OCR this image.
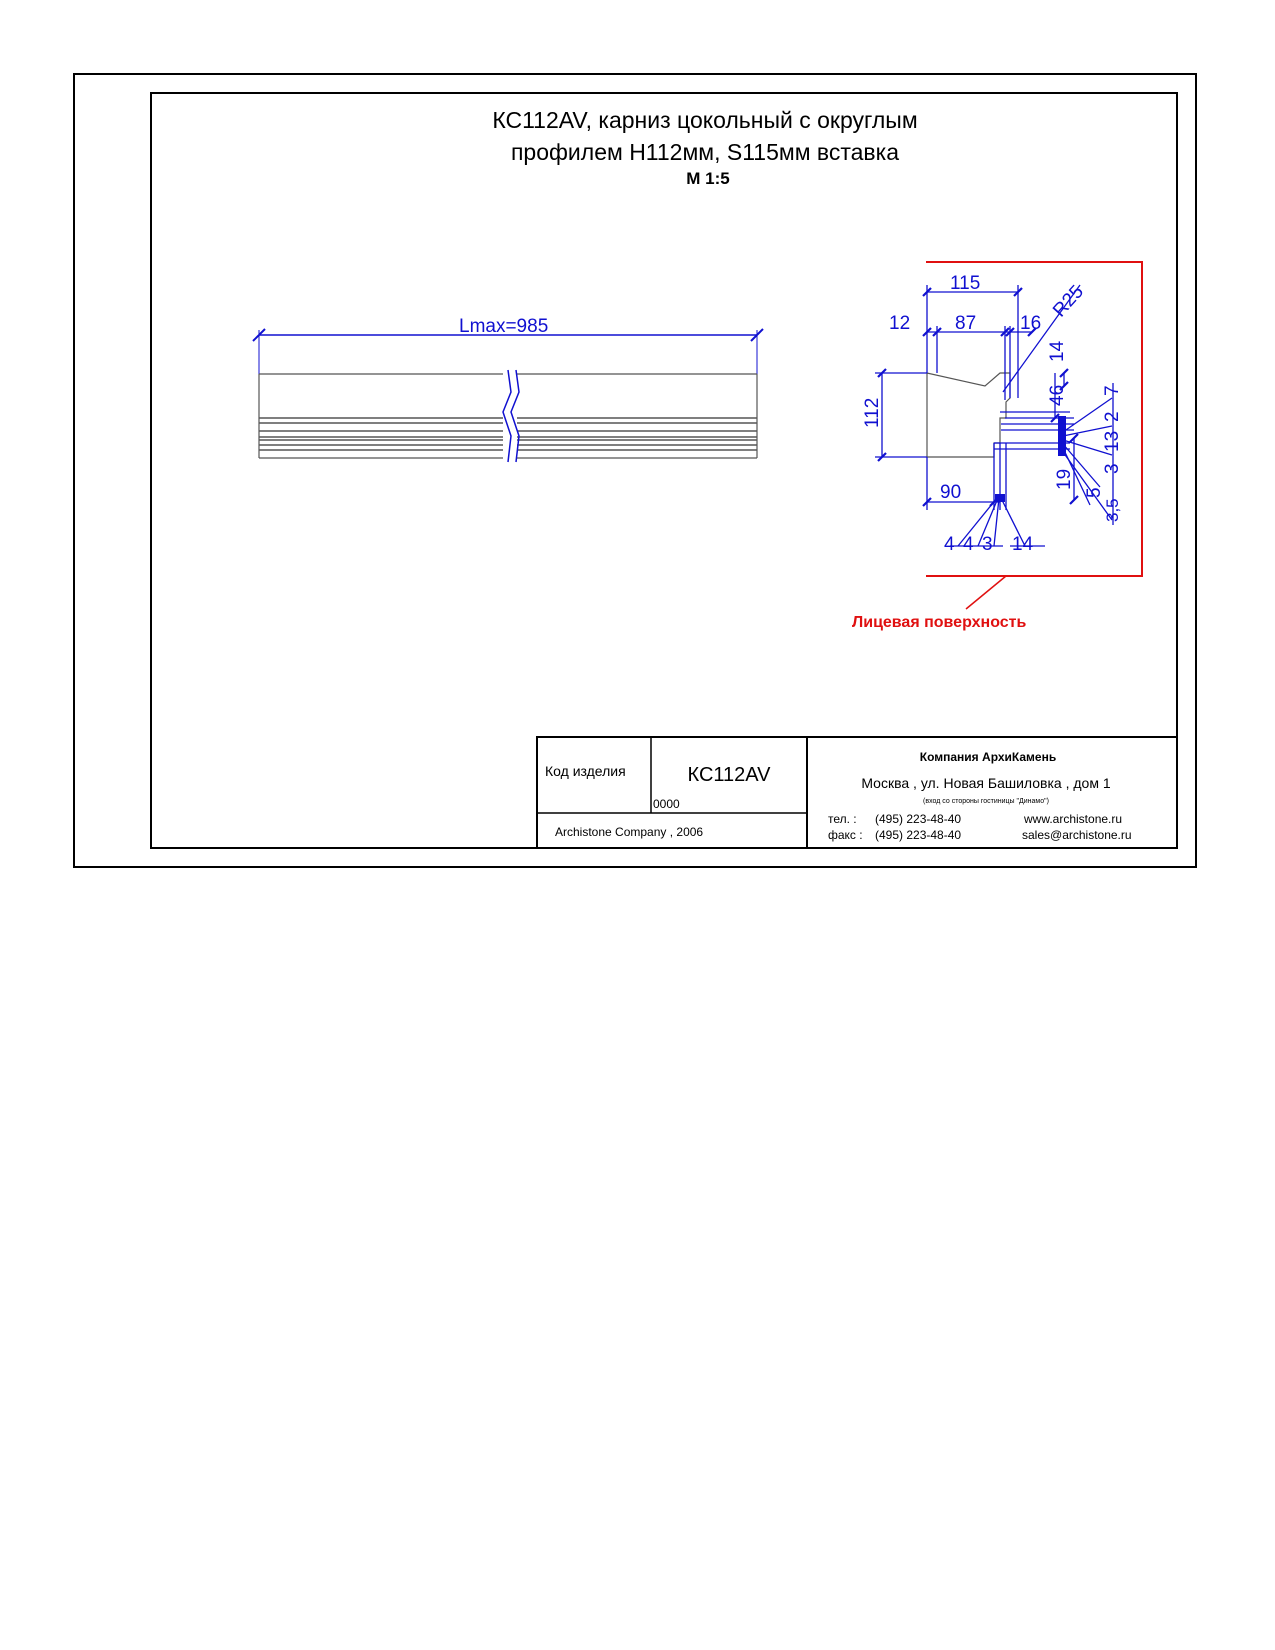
КС112AV, карниз цокольный с округлым
профилем H112мм, S115мм вставка
М 1:5
Lmax=985
Лицевая поверхность
115
12 87 16
R25
14
112
46 7
2
13
3
5
3,5
19
90
4 4 3 14
Код изделия	КС112AV
0000
Archistone Company , 2006
Компания АрхиКамень
Москва , ул. Новая Башиловка , дом 1
(вход со стороны гостиницы "Динамо")
тел. : (495) 223-48-40
факс : (495) 223-48-40
www.archistone.ru
sales@archistone.ru
